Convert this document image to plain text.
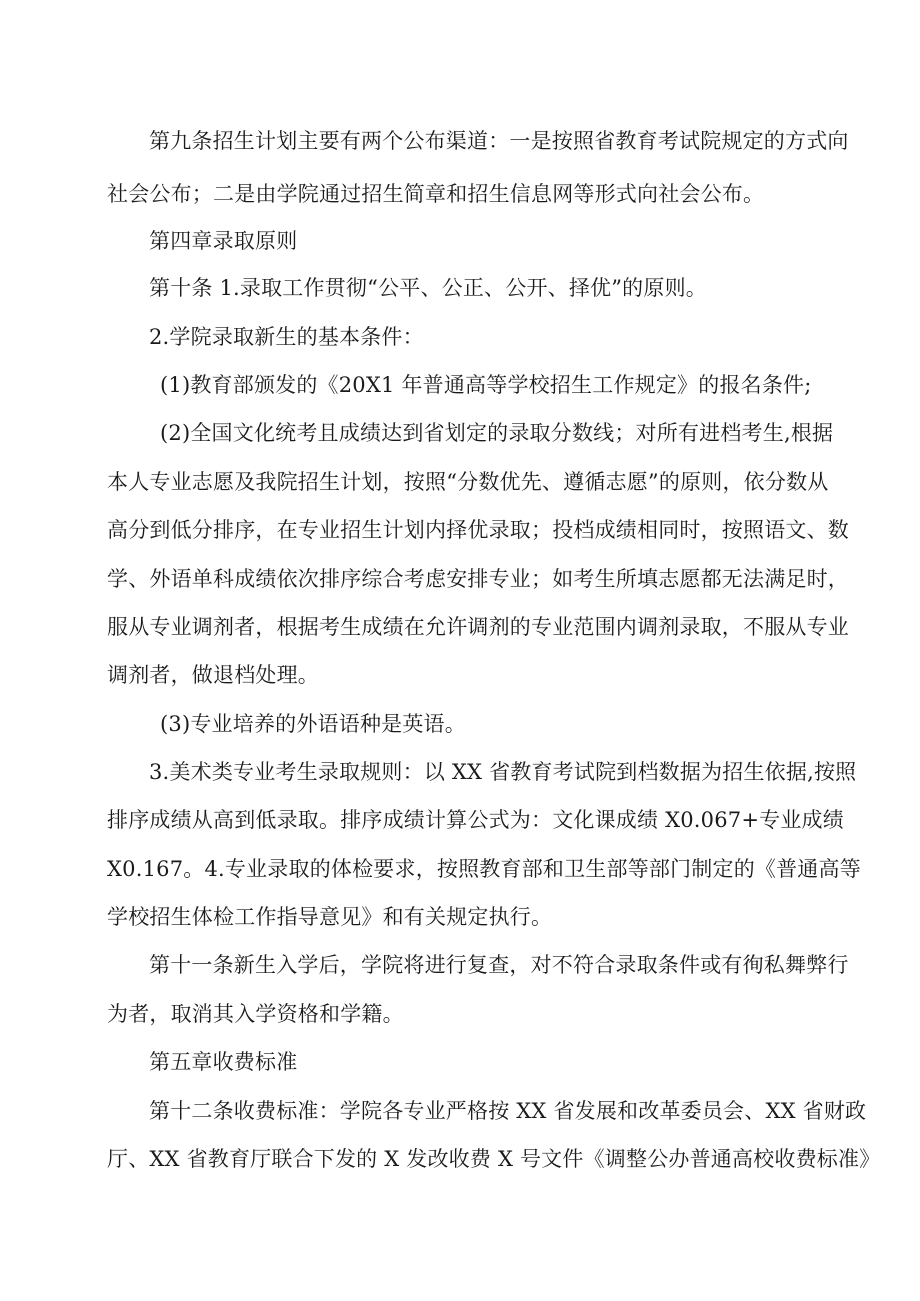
第九条招生计划主要有两个公布渠道：一是按照省教育考试院规定的方式向
社会公布；二是由学院通过招生简章和招生信息网等形式向社会公布。
第四章录取原则
第十条 1.录取工作贯彻“公平、公正、公开、择优”的原则。
2.学院录取新生的基本条件：
(1)教育部颁发的《20X1 年普通高等学校招生工作规定》的报名条件;
(2)全国文化统考且成绩达到省划定的录取分数线；对所有进档考生,根据
本人专业志愿及我院招生计划，按照“分数优先、遵循志愿”的原则，依分数从
高分到低分排序，在专业招生计划内择优录取；投档成绩相同时，按照语文、数
学、外语单科成绩依次排序综合考虑安排专业；如考生所填志愿都无法满足时，
服从专业调剂者，根据考生成绩在允许调剂的专业范围内调剂录取，不服从专业
调剂者，做退档处理。
(3)专业培养的外语语种是英语。
3.美术类专业考生录取规则：以 XX 省教育考试院到档数据为招生依据,按照
排序成绩从高到低录取。排序成绩计算公式为：文化课成绩 X0.067+专业成绩
X0.167。4.专业录取的体检要求，按照教育部和卫生部等部门制定的《普通高等
学校招生体检工作指导意见》和有关规定执行。
第十一条新生入学后，学院将进行复查，对不符合录取条件或有徇私舞弊行
为者，取消其入学资格和学籍。
第五章收费标准
第十二条收费标准：学院各专业严格按 XX 省发展和改革委员会、XX 省财政
厅、XX 省教育厅联合下发的 X 发改收费 X 号文件《调整公办普通高校收费标准》
